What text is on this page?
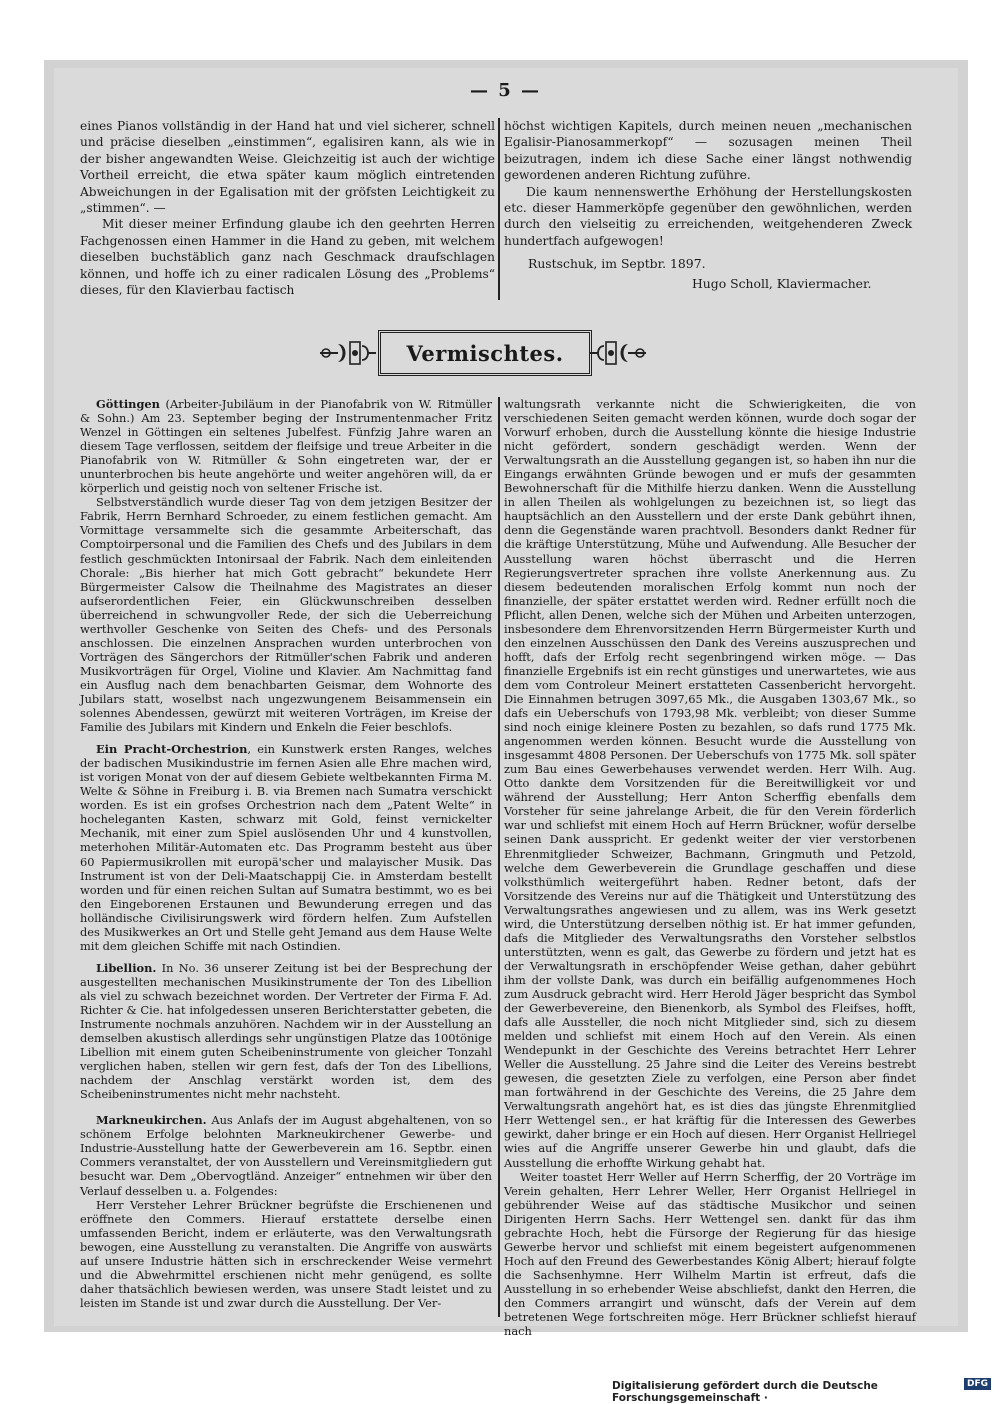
— 5 —

eines Pianos vollständig in der Hand hat und viel sicherer, schnell und präcise dieselben „einstimmen“, egalisiren kann, als wie in der bisher angewandten Weise. Gleichzeitig ist auch der wichtige Vortheil erreicht, die etwa später kaum möglich eintretenden Abweichungen in der Egalisation mit der gröfsten Leichtigkeit zu „stimmen“. —

Mit dieser meiner Erfindung glaube ich den geehrten Herren Fachgenossen einen Hammer in die Hand zu geben, mit welchem dieselben buchstäblich ganz nach Geschmack draufschlagen können, und hoffe ich zu einer radicalen Lösung des „Problems“ dieses, für den Klavierbau factisch

höchst wichtigen Kapitels, durch meinen neuen „mechanischen Egalisir-Pianosammerkopf“ — sozusagen meinen Theil beizutragen, indem ich diese Sache einer längst nothwendig gewordenen anderen Richtung zuführe.

Die kaum nennenswerthe Erhöhung der Herstellungskosten etc. dieser Hammerköpfe gegenüber den gewöhnlichen, werden durch den vielseitig zu erreichenden, weitgehenderen Zweck hundertfach aufgewogen!

Rustschuk, im Septbr. 1897.
Hugo Scholl, Klaviermacher.
Vermischtes.

Göttingen (Arbeiter-Jubiläum in der Pianofabrik von W. Ritmüller & Sohn.) Am 23. September beging der Instrumentenmacher Fritz Wenzel in Göttingen ein seltenes Jubelfest. Fünfzig Jahre waren an diesem Tage verflossen, seitdem der fleifsige und treue Arbeiter in die Pianofabrik von W. Ritmüller & Sohn eingetreten war, der er ununterbrochen bis heute angehörte und weiter angehören will, da er körperlich und geistig noch von seltener Frische ist.

Selbstverständlich wurde dieser Tag von dem jetzigen Besitzer der Fabrik, Herrn Bernhard Schroeder, zu einem festlichen gemacht. Am Vormittage versammelte sich die gesammte Arbeiterschaft, das Comptoirpersonal und die Familien des Chefs und des Jubilars in dem festlich geschmückten Intonirsaal der Fabrik. Nach dem einleitenden Chorale: „Bis hierher hat mich Gott gebracht“ bekundete Herr Bürgermeister Calsow die Theilnahme des Magistrates an dieser aufserordentlichen Feier, ein Glückwunschreiben desselben überreichend in schwungvoller Rede, der sich die Ueberreichung werthvoller Geschenke von Seiten des Chefs- und des Personals anschlossen. Die einzelnen Ansprachen wurden unterbrochen von Vorträgen des Sängerchors der Ritmüller'schen Fabrik und anderen Musikvorträgen für Orgel, Violine und Klavier. Am Nachmittag fand ein Ausflug nach dem benachbarten Geismar, dem Wohnorte des Jubilars statt, woselbst nach ungezwungenem Beisammensein ein solennes Abendessen, gewürzt mit weiteren Vorträgen, im Kreise der Familie des Jubilars mit Kindern und Enkeln die Feier beschlofs.

Ein Pracht-Orchestrion, ein Kunstwerk ersten Ranges, welches der badischen Musikindustrie im fernen Asien alle Ehre machen wird, ist vorigen Monat von der auf diesem Gebiete weltbekannten Firma M. Welte & Söhne in Freiburg i. B. via Bremen nach Sumatra verschickt worden. Es ist ein grofses Orchestrion nach dem „Patent Welte“ in hocheleganten Kasten, schwarz mit Gold, feinst vernickelter Mechanik, mit einer zum Spiel auslösenden Uhr und 4 kunstvollen, meterhohen Militär-Automaten etc. Das Programm besteht aus über 60 Papiermusikrollen mit europä'scher und malayischer Musik. Das Instrument ist von der Deli-Maatschappij Cie. in Amsterdam bestellt worden und für einen reichen Sultan auf Sumatra bestimmt, wo es bei den Eingeborenen Erstaunen und Bewunderung erregen und das holländische Civilisirungswerk wird fördern helfen. Zum Aufstellen des Musikwerkes an Ort und Stelle geht Jemand aus dem Hause Welte mit dem gleichen Schiffe mit nach Ostindien.

Libellion. In No. 36 unserer Zeitung ist bei der Besprechung der ausgestellten mechanischen Musikinstrumente der Ton des Libellion als viel zu schwach bezeichnet worden. Der Vertreter der Firma F. Ad. Richter & Cie. hat infolgedessen unseren Berichterstatter gebeten, die Instrumente nochmals anzuhören. Nachdem wir in der Ausstellung an demselben akustisch allerdings sehr ungünstigen Platze das 100tönige Libellion mit einem guten Scheibeninstrumente von gleicher Tonzahl verglichen haben, stellen wir gern fest, dafs der Ton des Libellions, nachdem der Anschlag verstärkt worden ist, dem des Scheibeninstrumentes nicht mehr nachsteht.

Markneukirchen. Aus Anlafs der im August abgehaltenen, von so schönem Erfolge belohnten Markneukirchener Gewerbe- und Industrie-Ausstellung hatte der Gewerbeverein am 16. Septbr. einen Commers veranstaltet, der von Ausstellern und Vereinsmitgliedern gut besucht war. Dem „Obervogtländ. Anzeiger“ entnehmen wir über den Verlauf desselben u. a. Folgendes:

Herr Versteher Lehrer Brückner begrüfste die Erschienenen und eröffnete den Commers. Hierauf erstattete derselbe einen umfassenden Bericht, indem er erläuterte, was den Verwaltungsrath bewogen, eine Ausstellung zu veranstalten. Die Angriffe von auswärts auf unsere Industrie hätten sich in erschreckender Weise vermehrt und die Abwehrmittel erschienen nicht mehr genügend, es sollte daher thatsächlich bewiesen werden, was unsere Stadt leistet und zu leisten im Stande ist und zwar durch die Ausstellung. Der Ver-

waltungsrath verkannte nicht die Schwierigkeiten, die von verschiedenen Seiten gemacht werden können, wurde doch sogar der Vorwurf erhoben, durch die Ausstellung könnte die hiesige Industrie nicht gefördert, sondern geschädigt werden. Wenn der Verwaltungsrath an die Ausstellung gegangen ist, so haben ihn nur die Eingangs erwähnten Gründe bewogen und er mufs der gesammten Bewohnerschaft für die Mithilfe hierzu danken. Wenn die Ausstellung in allen Theilen als wohlgelungen zu bezeichnen ist, so liegt das hauptsächlich an den Ausstellern und der erste Dank gebührt ihnen, denn die Gegenstände waren prachtvoll. Besonders dankt Redner für die kräftige Unterstützung, Mühe und Aufwendung. Alle Besucher der Ausstellung waren höchst überrascht und die Herren Regierungsvertreter sprachen ihre vollste Anerkennung aus. Zu diesem bedeutenden moralischen Erfolg kommt nun noch der finanzielle, der später erstattet werden wird. Redner erfüllt noch die Pflicht, allen Denen, welche sich der Mühen und Arbeiten unterzogen, insbesondere dem Ehrenvorsitzenden Herrn Bürgermeister Kurth und den einzelnen Ausschüssen den Dank des Vereins auszusprechen und hofft, dafs der Erfolg recht segenbringend wirken möge. — Das finanzielle Ergebnifs ist ein recht günstiges und unerwartetes, wie aus dem vom Controleur Meinert erstatteten Cassenbericht hervorgeht. Die Einnahmen betrugen 3097,65 Mk., die Ausgaben 1303,67 Mk., so dafs ein Ueberschufs von 1793,98 Mk. verbleibt; von dieser Summe sind noch einige kleinere Posten zu bezahlen, so dafs rund 1775 Mk. angenommen werden können. Besucht wurde die Ausstellung von insgesammt 4808 Personen. Der Ueberschufs von 1775 Mk. soll später zum Bau eines Gewerbehauses verwendet werden. Herr Wilh. Aug. Otto dankte dem Vorsitzenden für die Bereitwilligkeit vor und während der Ausstellung; Herr Anton Scherffig ebenfalls dem Vorsteher für seine jahrelange Arbeit, die für den Verein förderlich war und schliefst mit einem Hoch auf Herrn Brückner, wofür derselbe seinen Dank ausspricht. Er gedenkt weiter der vier verstorbenen Ehrenmitglieder Schweizer, Bachmann, Gringmuth und Petzold, welche dem Gewerbeverein die Grundlage geschaffen und diese volksthümlich weitergeführt haben. Redner betont, dafs der Vorsitzende des Vereins nur auf die Thätigkeit und Unterstützung des Verwaltungsrathes angewiesen und zu allem, was ins Werk gesetzt wird, die Unterstützung derselben nöthig ist. Er hat immer gefunden, dafs die Mitglieder des Verwaltungsraths den Vorsteher selbstlos unterstützten, wenn es galt, das Gewerbe zu fördern und jetzt hat es der Verwaltungsrath in erschöpfender Weise gethan, daher gebührt ihm der vollste Dank, was durch ein beifällig aufgenommenes Hoch zum Ausdruck gebracht wird. Herr Herold Jäger bespricht das Symbol der Gewerbevereine, den Bienenkorb, als Symbol des Fleifses, hofft, dafs alle Aussteller, die noch nicht Mitglieder sind, sich zu diesem melden und schliefst mit einem Hoch auf den Verein. Als einen Wendepunkt in der Geschichte des Vereins betrachtet Herr Lehrer Weller die Ausstellung. 25 Jahre sind die Leiter des Vereins bestrebt gewesen, die gesetzten Ziele zu verfolgen, eine Person aber findet man fortwährend in der Geschichte des Vereins, die 25 Jahre dem Verwaltungsrath angehört hat, es ist dies das jüngste Ehrenmitglied Herr Wettengel sen., er hat kräftig für die Interessen des Gewerbes gewirkt, daher bringe er ein Hoch auf diesen. Herr Organist Hellriegel wies auf die Angriffe unserer Gewerbe hin und glaubt, dafs die Ausstellung die erhoffte Wirkung gehabt hat.

Weiter toastet Herr Weller auf Herrn Scherffig, der 20 Vorträge im Verein gehalten, Herr Lehrer Weller, Herr Organist Hellriegel in gebührender Weise auf das städtische Musikchor und seinen Dirigenten Herrn Sachs. Herr Wettengel sen. dankt für das ihm gebrachte Hoch, hebt die Fürsorge der Regierung für das hiesige Gewerbe hervor und schliefst mit einem begeistert aufgenommenen Hoch auf den Freund des Gewerbestandes König Albert; hierauf folgte die Sachsenhymne. Herr Wilhelm Martin ist erfreut, dafs die Ausstellung in so erhebender Weise abschliefst, dankt den Herren, die den Commers arrangirt und wünscht, dafs der Verein auf dem betretenen Wege fortschreiten möge. Herr Brückner schliefst hierauf nach

Digitalisierung gefördert durch die Deutsche Forschungsgemeinschaft ·
DFG
